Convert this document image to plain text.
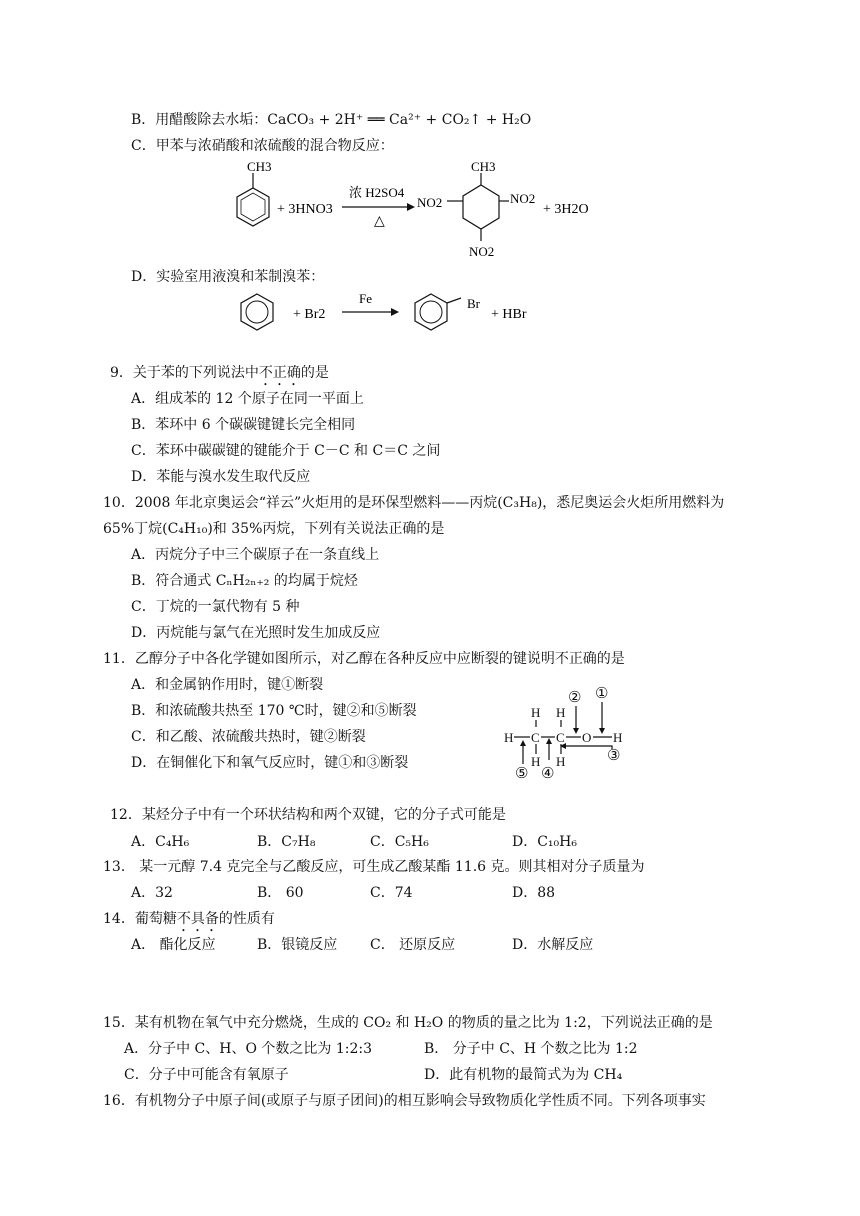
B．用醋酸除去水垢：CaCO₃ + 2H⁺ ══ Ca²⁺ + CO₂↑ + H₂O
C．甲苯与浓硝酸和浓硫酸的混合物反应：
CH3
+ 3HNO3
浓 H2SO4
△
CH3
NO2	NO2
NO2
+ 3H2O
D．实验室用液溴和苯制溴苯：
+ Br2
Fe	Br
+ HBr
9．关于苯的下列说法中不正确的是
A．组成苯的 12 个原子在同一平面上
B．苯环中 6 个碳碳键键长完全相同
C．苯环中碳碳键的键能介于 C－C 和 C＝C 之间
D．苯能与溴水发生取代反应
10．2008 年北京奥运会“祥云”火炬用的是环保型燃料——丙烷(C₃H₈)，悉尼奥运会火炬所用燃料为
65%丁烷(C₄H₁₀)和 35%丙烷，下列有关说法正确的是
A．丙烷分子中三个碳原子在一条直线上
B．符合通式 CₙH₂ₙ₊₂ 的均属于烷烃
C．丁烷的一氯代物有 5 种
D．丙烷能与氯气在光照时发生加成反应
11．乙醇分子中各化学键如图所示，对乙醇在各种反应中应断裂的键说明不正确的是
A．和金属钠作用时，键①断裂
B．和浓硫酸共热至 170 ℃时，键②和⑤断裂
C．和乙酸、浓硫酸共热时，键②断裂
D．在铜催化下和氧气反应时，键①和③断裂
H C C O H
H H
H H
② ①
③
④
⑤
12．某烃分子中有一个环状结构和两个双键，它的分子式可能是
A．C₄H₆	B．C₇H₈	C．C₅H₆	D．C₁₀H₆
13． 某一元醇 7.4 克完全与乙酸反应，可生成乙酸某酯 11.6 克。则其相对分子质量为
A．32	B． 60	C．74	D．88
14．葡萄糖不具备的性质有
A． 酯化反应	B．银镜反应 C． 还原反应	D．水解反应
15．某有机物在氧气中充分燃烧，生成的 CO₂ 和 H₂O 的物质的量之比为 1:2，下列说法正确的是
A．分子中 C、H、O 个数之比为 1:2:3	B． 分子中 C、H 个数之比为 1:2
C．分子中可能含有氧原子	D．此有机物的最简式为为 CH₄
16．有机物分子中原子间(或原子与原子团间)的相互影响会导致物质化学性质不同。下列各项事实
